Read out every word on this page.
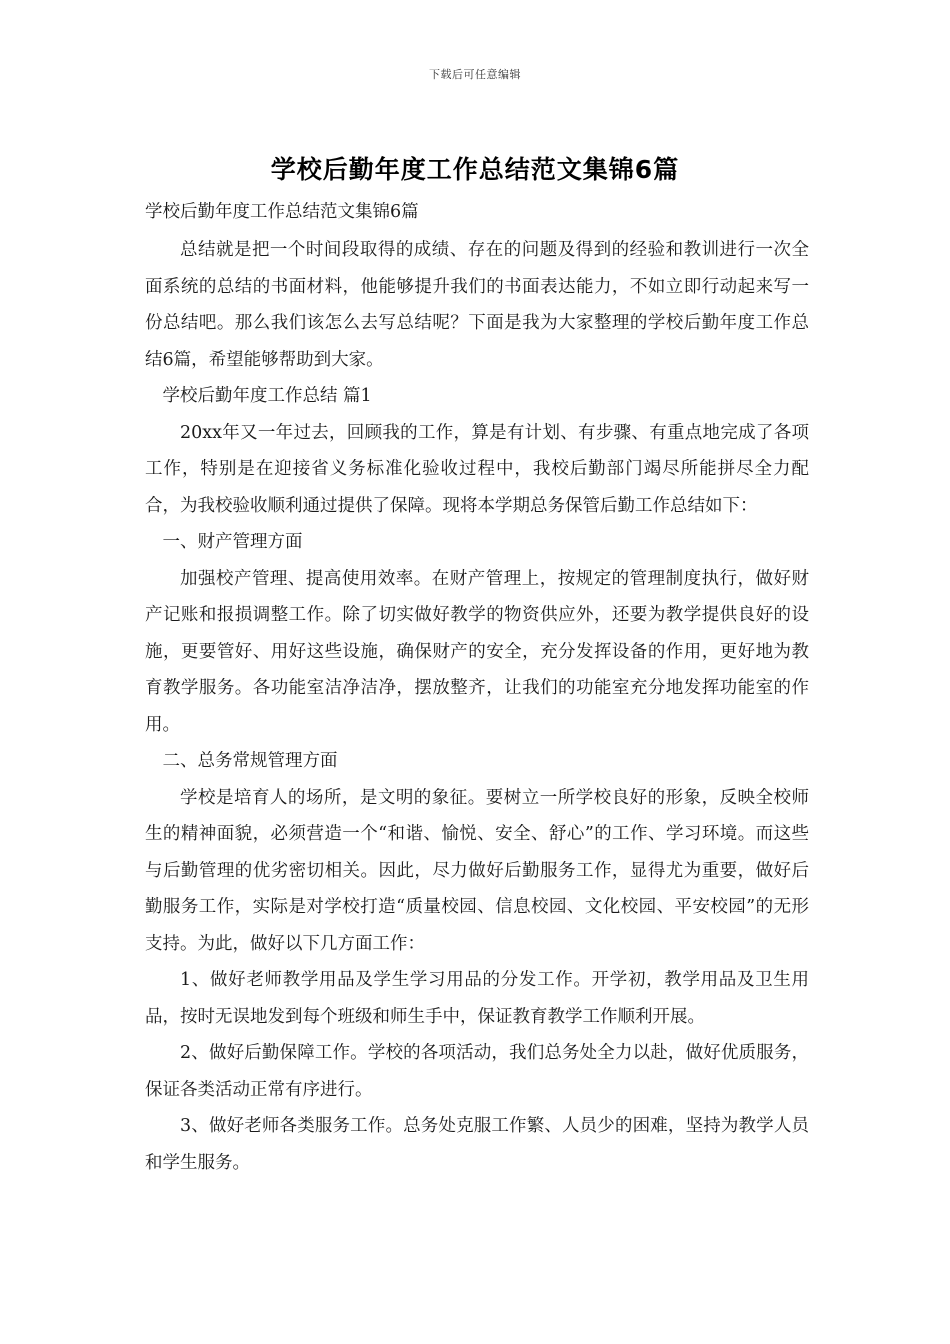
下载后可任意编辑
学校后勤年度工作总结范文集锦6篇

学校后勤年度工作总结范文集锦6篇

总结就是把一个时间段取得的成绩、存在的问题及得到的经验和教训进行一次全面系统的总结的书面材料，他能够提升我们的书面表达能力，不如立即行动起来写一份总结吧。那么我们该怎么去写总结呢？下面是我为大家整理的学校后勤年度工作总结6篇，希望能够帮助到大家。

学校后勤年度工作总结 篇1

20xx年又一年过去，回顾我的工作，算是有计划、有步骤、有重点地完成了各项工作，特别是在迎接省义务标准化验收过程中，我校后勤部门竭尽所能拼尽全力配合，为我校验收顺利通过提供了保障。现将本学期总务保管后勤工作总结如下：

一、财产管理方面

加强校产管理、提高使用效率。在财产管理上，按规定的管理制度执行，做好财产记账和报损调整工作。除了切实做好教学的物资供应外，还要为教学提供良好的设施，更要管好、用好这些设施，确保财产的安全，充分发挥设备的作用，更好地为教育教学服务。各功能室洁净洁净，摆放整齐，让我们的功能室充分地发挥功能室的作用。

二、总务常规管理方面

学校是培育人的场所，是文明的象征。要树立一所学校良好的形象，反映全校师生的精神面貌，必须营造一个“和谐、愉悦、安全、舒心”的工作、学习环境。而这些与后勤管理的优劣密切相关。因此，尽力做好后勤服务工作，显得尤为重要，做好后勤服务工作，实际是对学校打造“质量校园、信息校园、文化校园、平安校园”的无形支持。为此，做好以下几方面工作：

1、做好老师教学用品及学生学习用品的分发工作。开学初，教学用品及卫生用品，按时无误地发到每个班级和师生手中，保证教育教学工作顺利开展。

2、做好后勤保障工作。学校的各项活动，我们总务处全力以赴，做好优质服务，保证各类活动正常有序进行。

3、做好老师各类服务工作。总务处克服工作繁、人员少的困难，坚持为教学人员和学生服务。
